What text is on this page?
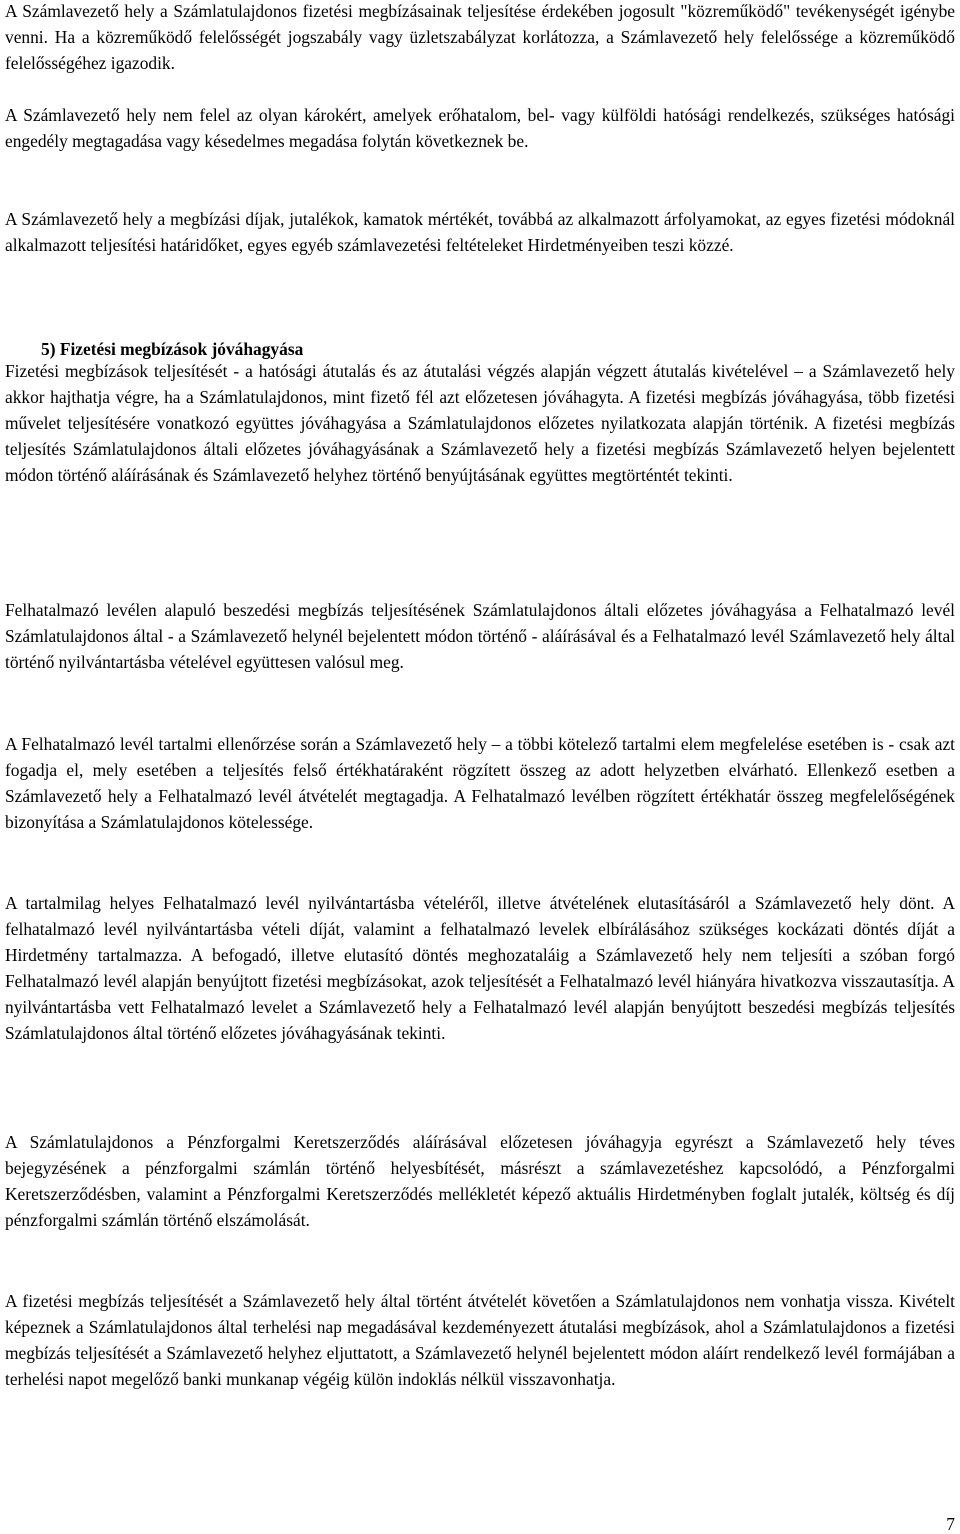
A Számlavezető hely a Számlatulajdonos fizetési megbízásainak teljesítése érdekében jogosult "közreműködő" tevékenységét igénybe venni. Ha a közreműködő felelősségét jogszabály vagy üzletszabályzat korlátozza, a Számlavezető hely felelőssége a közreműködő felelősségéhez igazodik.

A Számlavezető hely nem felel az olyan károkért, amelyek erőhatalom, bel- vagy külföldi hatósági rendelkezés, szükséges hatósági engedély megtagadása vagy késedelmes megadása folytán következnek be.

A Számlavezető hely a megbízási díjak, jutalékok, kamatok mértékét, továbbá az alkalmazott árfolyamokat, az egyes fizetési módoknál alkalmazott teljesítési határidőket, egyes egyéb számlavezetési feltételeket Hirdetményeiben teszi közzé.

5) Fizetési megbízások jóváhagyása

Fizetési megbízások teljesítését - a hatósági átutalás és az átutalási végzés alapján végzett átutalás kivételével – a Számlavezető hely akkor hajthatja végre, ha a Számlatulajdonos, mint fizető fél azt előzetesen jóváhagyta. A fizetési megbízás jóváhagyása, több fizetési művelet teljesítésére vonatkozó együttes jóváhagyása a Számlatulajdonos előzetes nyilatkozata alapján történik. A fizetési megbízás teljesítés Számlatulajdonos általi előzetes jóváhagyásának a Számlavezető hely a fizetési megbízás Számlavezető helyen bejelentett módon történő aláírásának és Számlavezető helyhez történő benyújtásának együttes megtörténtét tekinti.

Felhatalmazó levélen alapuló beszedési megbízás teljesítésének Számlatulajdonos általi előzetes jóváhagyása a Felhatalmazó levél Számlatulajdonos által - a Számlavezető helynél bejelentett módon történő - aláírásával és a Felhatalmazó levél Számlavezető hely által történő nyilvántartásba vételével együttesen valósul meg.

A Felhatalmazó levél tartalmi ellenőrzése során a Számlavezető hely – a többi kötelező tartalmi elem megfelelése esetében is - csak azt fogadja el, mely esetében a teljesítés felső értékhatáraként rögzített összeg az adott helyzetben elvárható. Ellenkező esetben a Számlavezető hely a Felhatalmazó levél átvételét megtagadja. A Felhatalmazó levélben rögzített értékhatár összeg megfelelőségének bizonyítása a Számlatulajdonos kötelessége.

A tartalmilag helyes Felhatalmazó levél nyilvántartásba vételéről, illetve átvételének elutasításáról a Számlavezető hely dönt. A felhatalmazó levél nyilvántartásba vételi díját, valamint a felhatalmazó levelek elbírálásához szükséges kockázati döntés díját a Hirdetmény tartalmazza. A befogadó, illetve elutasító döntés meghozataláig a Számlavezető hely nem teljesíti a szóban forgó Felhatalmazó levél alapján benyújtott fizetési megbízásokat, azok teljesítését a Felhatalmazó levél hiányára hivatkozva visszautasítja. A nyilvántartásba vett Felhatalmazó levelet a Számlavezető hely a Felhatalmazó levél alapján benyújtott beszedési megbízás teljesítés Számlatulajdonos által történő előzetes jóváhagyásának tekinti.

A Számlatulajdonos a Pénzforgalmi Keretszerződés aláírásával előzetesen jóváhagyja egyrészt a Számlavezető hely téves bejegyzésének a pénzforgalmi számlán történő helyesbítését, másrészt a számlavezetéshez kapcsolódó, a Pénzforgalmi Keretszerződésben, valamint a Pénzforgalmi Keretszerződés mellékletét képező aktuális Hirdetményben foglalt jutalék, költség és díj pénzforgalmi számlán történő elszámolását.

A fizetési megbízás teljesítését a Számlavezető hely által történt átvételét követően a Számlatulajdonos nem vonhatja vissza. Kivételt képeznek a Számlatulajdonos által terhelési nap megadásával kezdeményezett átutalási megbízások, ahol a Számlatulajdonos a fizetési megbízás teljesítését a Számlavezető helyhez eljuttatott, a Számlavezető helynél bejelentett módon aláírt rendelkező levél formájában a terhelési napot megelőző banki munkanap végéig külön indoklás nélkül visszavonhatja.

7
